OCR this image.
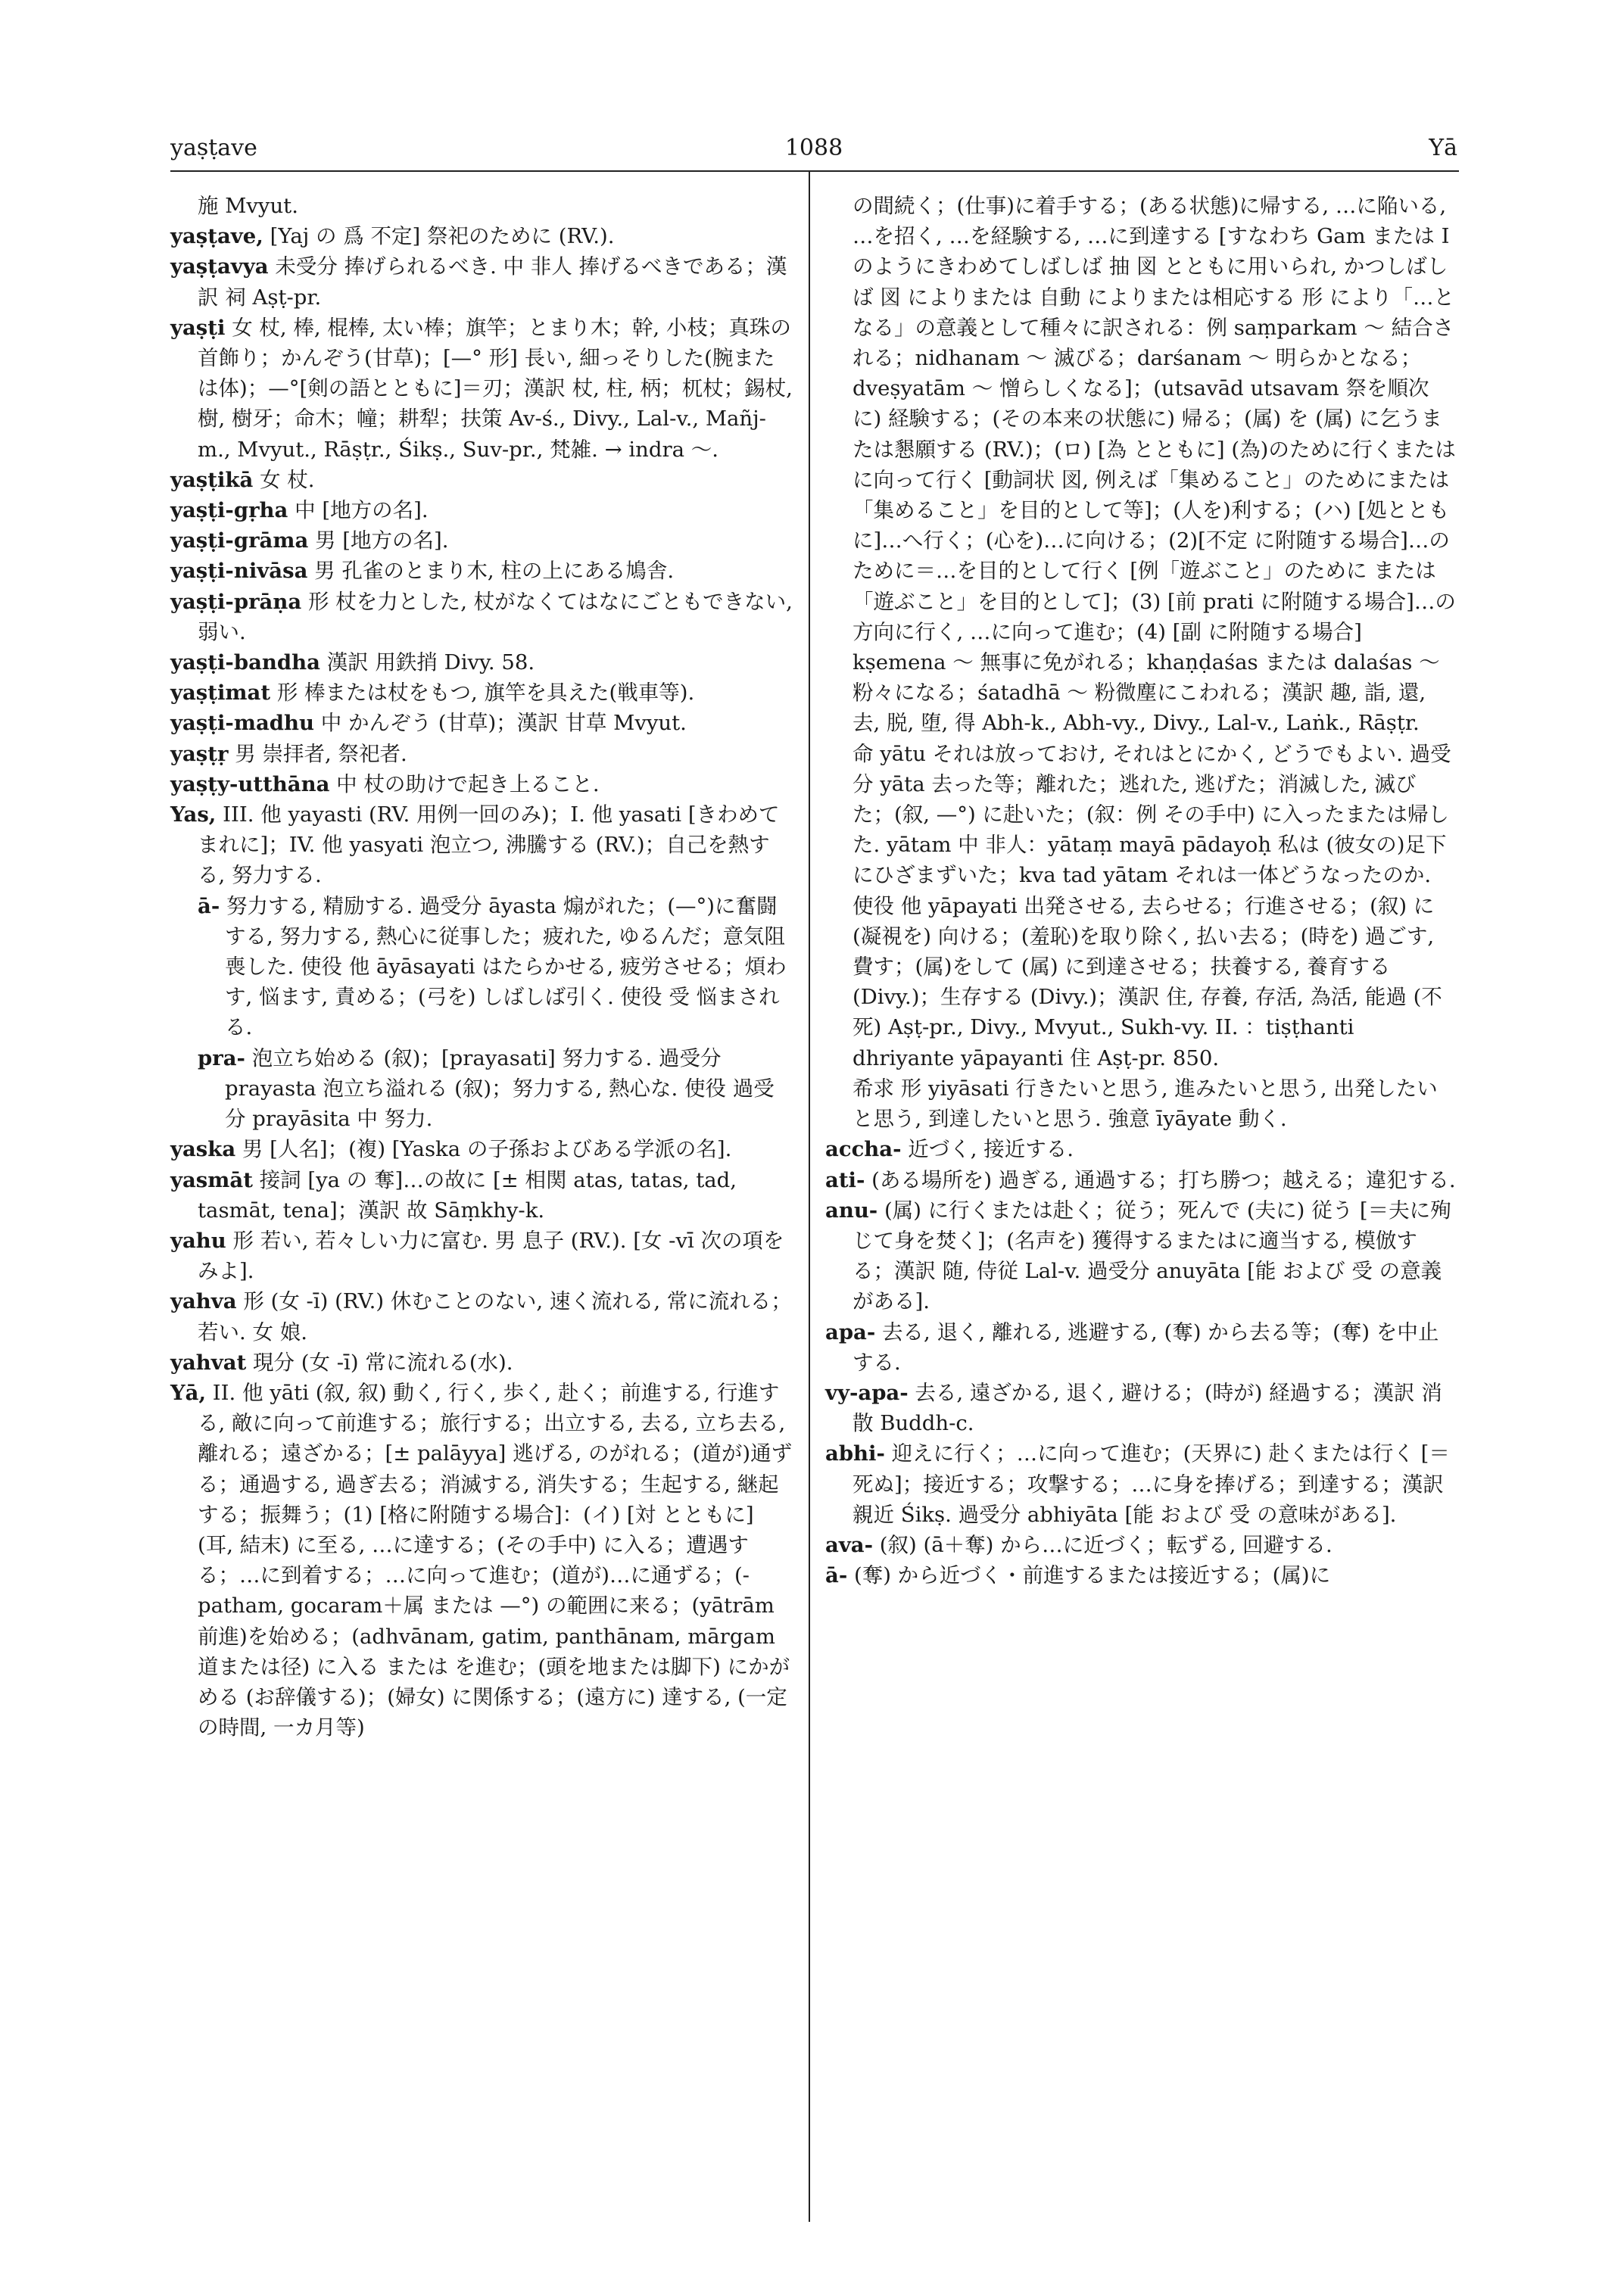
yaṣṭave	1088	Yā

施 Mvyut.

yaṣṭave, [Yaj の 爲 不定] 祭祀のために (RV.).

yaṣṭavya 未受分 捧げられるべき. 中 非人 捧げるべきである；漢訳 祠 Aṣṭ-pr.

yaṣṭi 女 杖, 棒, 棍棒, 太い棒；旗竿；とまり木；幹, 小枝；真珠の首飾り；かんぞう(甘草)；[—° 形] 長い, 細っそりした(腕または体)；—°[剣の語とともに]＝刃；漢訳 杖, 柱, 柄；杌杖；錫杖, 樹, 樹牙；命木；幢；耕犁；扶策 Av-ś., Divy., Lal-v., Mañj-m., Mvyut., Rāṣṭr., Śikṣ., Suv-pr., 梵雑. → indra ～.

yaṣṭikā 女 杖.

yaṣṭi-gṛha 中 [地方の名].

yaṣṭi-grāma 男 [地方の名].

yaṣṭi-nivāsa 男 孔雀のとまり木, 柱の上にある鳩舎.

yaṣṭi-prāṇa 形 杖を力とした, 杖がなくてはなにごともできない, 弱い.

yaṣṭi-bandha 漢訳 用鉄捎 Divy. 58.

yaṣṭimat 形 棒または杖をもつ, 旗竿を具えた(戦車等).

yaṣṭi-madhu 中 かんぞう (甘草)；漢訳 甘草 Mvyut.

yaṣṭṛ 男 崇拝者, 祭祀者.

yaṣṭy-utthāna 中 杖の助けで起き上ること.

Yas, III. 他 yayasti (RV. 用例一回のみ)；I. 他 yasati [きわめてまれに]；IV. 他 yasyati 泡立つ, 沸騰する (RV.)；自己を熱する, 努力する.

ā- 努力する, 精励する. 過受分 āyasta 煽がれた；(—°)に奮闘する, 努力する, 熱心に従事した；疲れた, ゆるんだ；意気阻喪した. 使役 他 āyāsayati はたらかせる, 疲労させる；煩わす, 悩ます, 責める；(弓を) しばしば引く. 使役 受 悩まされる.

pra- 泡立ち始める (叙)；[prayasati] 努力する. 過受分 prayasta 泡立ち溢れる (叙)；努力する, 熱心な. 使役 過受分 prayāsita 中 努力.

yaska 男 [人名]；(複) [Yaska の子孫およびある学派の名].

yasmāt 接詞 [ya の 奪]…の故に [± 相関 atas, tatas, tad, tasmāt, tena]；漢訳 故 Sāṃkhy-k.

yahu 形 若い, 若々しい力に富む. 男 息子 (RV.). [女 -vī 次の項をみよ].

yahva 形 (女 -ī) (RV.) 休むことのない, 速く流れる, 常に流れる；若い. 女 娘.

yahvat 現分 (女 -ī) 常に流れる(水).

Yā, II. 他 yāti (叙, 叙) 動く, 行く, 歩く, 赴く；前進する, 行進する, 敵に向って前進する；旅行する；出立する, 去る, 立ち去る, 離れる；遠ざかる；[± palāyya] 逃げる, のがれる；(道が)通ずる；通過する, 過ぎ去る；消滅する, 消失する；生起する, 継起する；振舞う；(1) [格に附随する場合]：(イ) [対 とともに] (耳, 結末) に至る, …に達する；(その手中) に入る；遭遇する；…に到着する；…に向って進む；(道が)…に通ずる；(-patham, gocaram＋属 または —°) の範囲に来る；(yātrām 前進)を始める；(adhvānam, gatim, panthānam, mārgam 道または径) に入る または を進む；(頭を地または脚下) にかがめる (お辞儀する)；(婦女) に関係する；(遠方に) 達する, (一定の時間, 一カ月等)

の間続く；(仕事)に着手する；(ある状態)に帰する, …に陥いる, …を招く, …を経験する, …に到達する [すなわち Gam または I のようにきわめてしばしば 抽 図 とともに用いられ, かつしばしば 図 によりまたは 自動 によりまたは相応する 形 により「…となる」の意義として種々に訳される：例 saṃparkam ～ 結合される；nidhanam ～ 滅びる；darśanam ～ 明らかとなる；dveṣyatām ～ 憎らしくなる]；(utsavād utsavam 祭を順次に) 経験する；(その本来の状態に) 帰る；(属) を (属) に乞うまたは懇願する (RV.)；(ロ) [為 とともに] (為)のために行くまたはに向って行く [動詞状 図, 例えば「集めること」のためにまたは「集めること」を目的として等]；(人を)利する；(ハ) [処とともに]…へ行く；(心を)…に向ける；(2)[不定 に附随する場合]…のために＝…を目的として行く [例「遊ぶこと」のために または「遊ぶこと」を目的として]；(3) [前 prati に附随する場合]…の方向に行く, …に向って進む；(4) [副 に附随する場合] kṣemena ～ 無事に免がれる；khaṇḍaśas または dalaśas ～ 粉々になる；śatadhā ～ 粉微塵にこわれる；漢訳 趣, 詣, 還, 去, 脱, 堕, 得 Abh-k., Abh-vy., Divy., Lal-v., Laṅk., Rāṣṭr.

命 yātu それは放っておけ, それはとにかく, どうでもよい. 過受分 yāta 去った等；離れた；逃れた, 逃げた；消滅した, 滅びた；(叙, —°) に赴いた；(叙：例 その手中) に入ったまたは帰した. yātam 中 非人：yātaṃ mayā pādayoḥ 私は (彼女の)足下にひざまずいた；kva tad yātam それは一体どうなったのか. 使役 他 yāpayati 出発させる, 去らせる；行進させる；(叙) に (凝視を) 向ける；(羞恥)を取り除く, 払い去る；(時を) 過ごす, 費す；(属)をして (属) に到達させる；扶養する, 養育する(Divy.)；生存する (Divy.)；漢訳 住, 存養, 存活, 為活, 能過 (不死) Aṣṭ-pr., Divy., Mvyut., Sukh-vy. II. ：tiṣṭhanti dhriyante yāpayanti 住 Aṣṭ-pr. 850.

希求 形 yiyāsati 行きたいと思う, 進みたいと思う, 出発したいと思う, 到達したいと思う. 強意 īyāyate 動く.

accha- 近づく, 接近する.

ati- (ある場所を) 過ぎる, 通過する；打ち勝つ；越える；違犯する.

anu- (属) に行くまたは赴く；従う；死んで (夫に) 従う [＝夫に殉じて身を焚く]；(名声を) 獲得するまたはに適当する, 模倣する；漢訳 随, 侍従 Lal-v. 過受分 anuyāta [能 および 受 の意義がある].

apa- 去る, 退く, 離れる, 逃避する, (奪) から去る等；(奪) を中止する.

vy-apa- 去る, 遠ざかる, 退く, 避ける；(時が) 経過する；漢訳 消散 Buddh-c.

abhi- 迎えに行く；…に向って進む；(天界に) 赴くまたは行く [＝死ぬ]；接近する；攻撃する；…に身を捧げる；到達する；漢訳 親近 Śikṣ. 過受分 abhiyāta [能 および 受 の意味がある].

ava- (叙) (ā＋奪) から…に近づく；転ずる, 回避する.

ā- (奪) から近づく・前進するまたは接近する；(属)に
